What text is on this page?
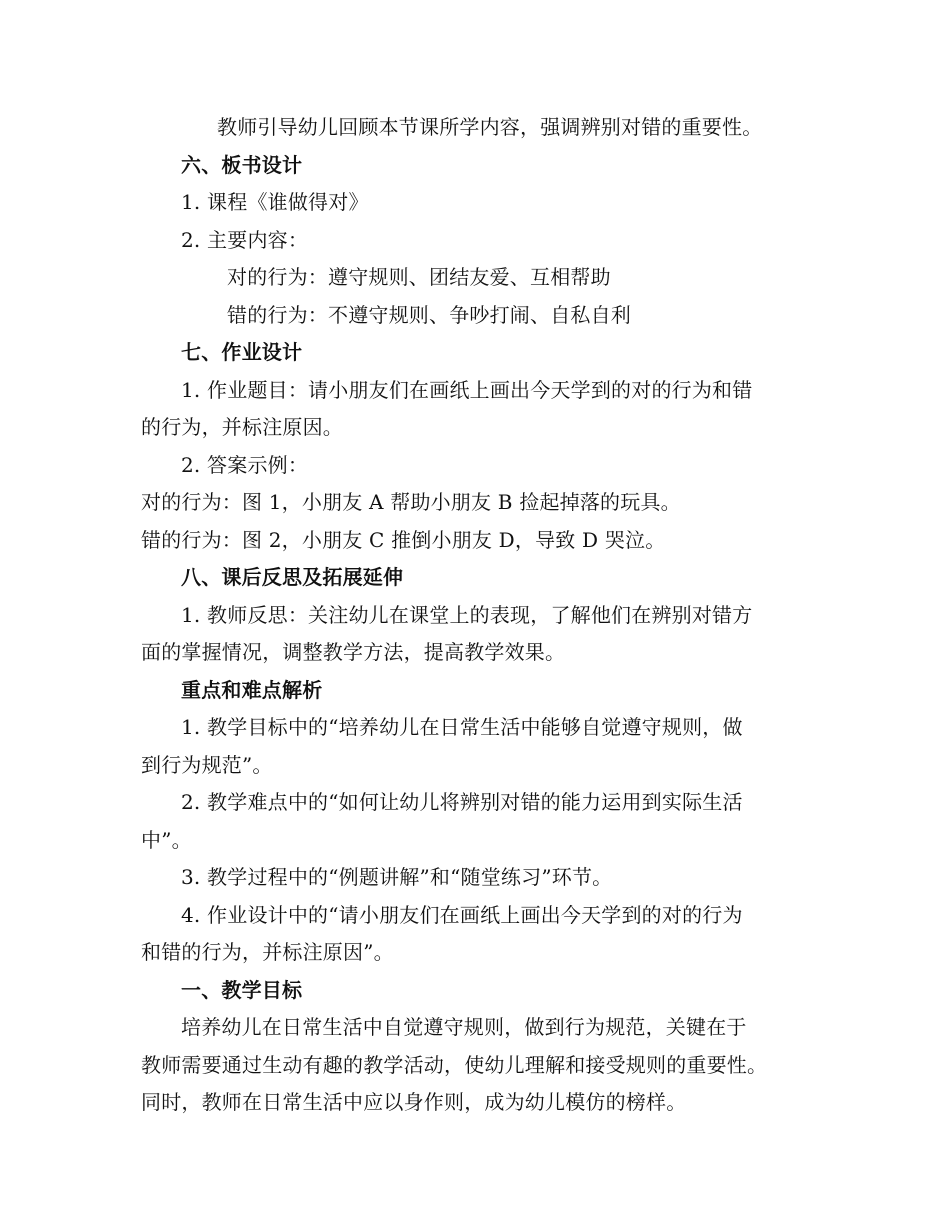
教师引导幼儿回顾本节课所学内容，强调辨别对错的重要性。
六、板书设计
1. 课程《谁做得对》
2. 主要内容：
对的行为：遵守规则、团结友爱、互相帮助
错的行为：不遵守规则、争吵打闹、自私自利
七、作业设计
1. 作业题目：请小朋友们在画纸上画出今天学到的对的行为和错
的行为，并标注原因。
2. 答案示例：
对的行为：图 1，小朋友 A 帮助小朋友 B 捡起掉落的玩具。
错的行为：图 2，小朋友 C 推倒小朋友 D，导致 D 哭泣。
八、课后反思及拓展延伸
1. 教师反思：关注幼儿在课堂上的表现，了解他们在辨别对错方
面的掌握情况，调整教学方法，提高教学效果。
重点和难点解析
1. 教学目标中的“培养幼儿在日常生活中能够自觉遵守规则，做
到行为规范”。
2. 教学难点中的“如何让幼儿将辨别对错的能力运用到实际生活
中”。
3. 教学过程中的“例题讲解”和“随堂练习”环节。
4. 作业设计中的“请小朋友们在画纸上画出今天学到的对的行为
和错的行为，并标注原因”。
一、教学目标
培养幼儿在日常生活中自觉遵守规则，做到行为规范，关键在于
教师需要通过生动有趣的教学活动，使幼儿理解和接受规则的重要性。
同时，教师在日常生活中应以身作则，成为幼儿模仿的榜样。
